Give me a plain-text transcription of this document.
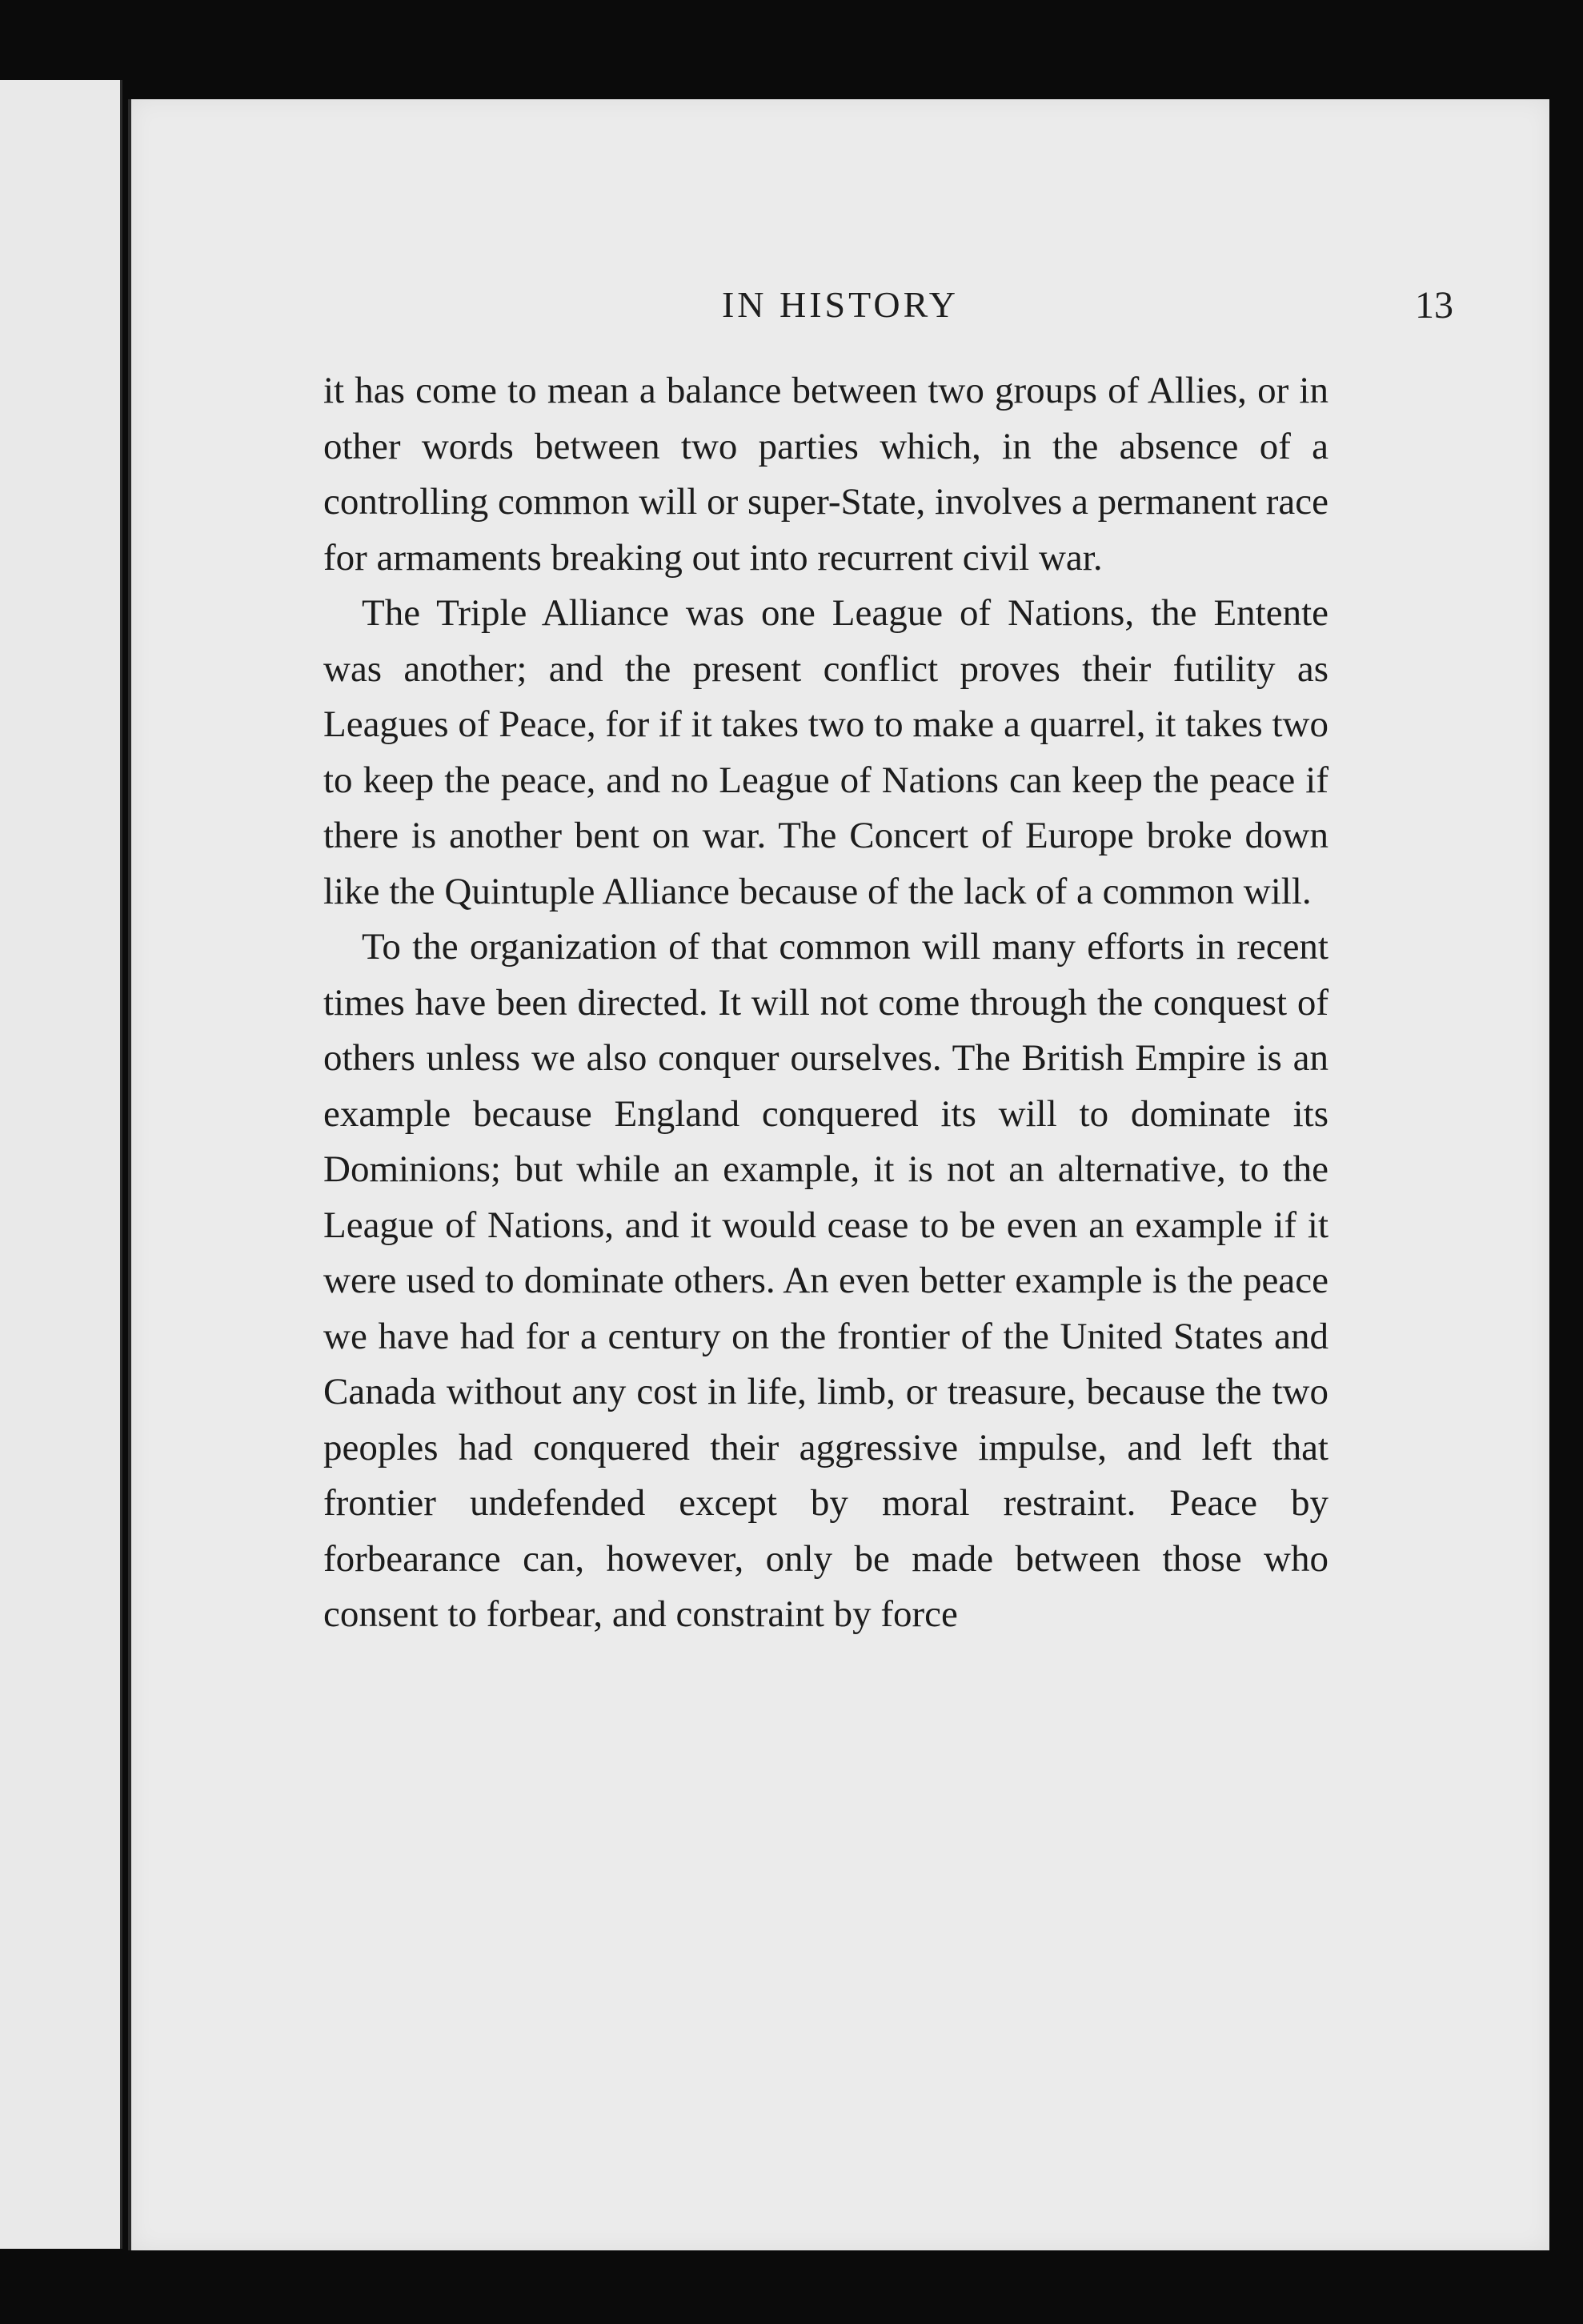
IN HISTORY	13

it has come to mean a balance between two groups of Allies, or in other words between two parties which, in the absence of a controlling common will or super-State, involves a permanent race for armaments breaking out into recurrent civil war.

The Triple Alliance was one League of Nations, the Entente was another; and the present conflict proves their futility as Leagues of Peace, for if it takes two to make a quarrel, it takes two to keep the peace, and no League of Nations can keep the peace if there is another bent on war. The Concert of Europe broke down like the Quintuple Alliance because of the lack of a common will.

To the organization of that common will many efforts in recent times have been directed. It will not come through the conquest of others unless we also conquer ourselves. The British Empire is an example because England conquered its will to dominate its Dominions; but while an example, it is not an alternative, to the League of Nations, and it would cease to be even an example if it were used to dominate others. An even better example is the peace we have had for a century on the frontier of the United States and Canada without any cost in life, limb, or treasure, because the two peoples had conquered their aggressive impulse, and left that frontier undefended except by moral restraint. Peace by forbearance can, however, only be made between those who consent to forbear, and constraint by force
